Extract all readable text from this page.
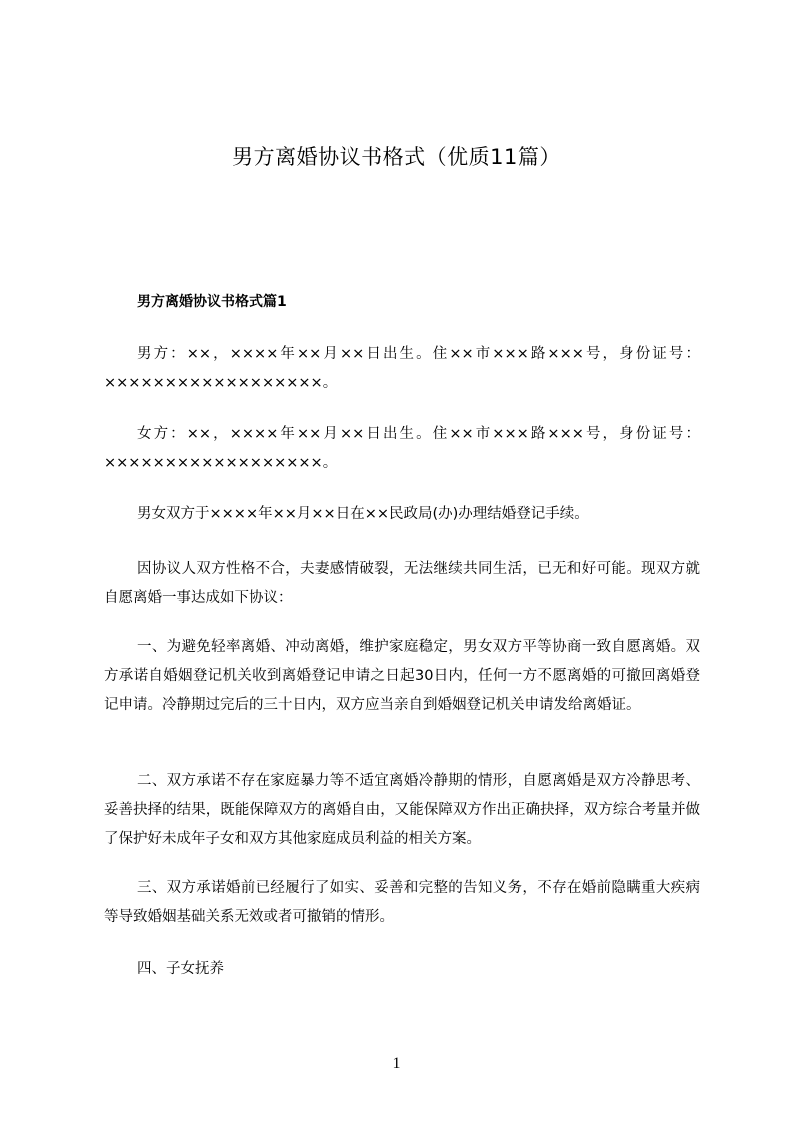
男方离婚协议书格式（优质11篇）
男方离婚协议书格式篇1

男方：××，××××年××月××日出生。住××市×××路×××号，身份证号：××××××××××××××××××。

女方：××，××××年××月××日出生。住××市×××路×××号，身份证号：××××××××××××××××××。

男女双方于××××年××月××日在××民政局(办)办理结婚登记手续。

因协议人双方性格不合，夫妻感情破裂，无法继续共同生活，已无和好可能。现双方就自愿离婚一事达成如下协议：

一、为避免轻率离婚、冲动离婚，维护家庭稳定，男女双方平等协商一致自愿离婚。双方承诺自婚姻登记机关收到离婚登记申请之日起30日内，任何一方不愿离婚的可撤回离婚登记申请。冷静期过完后的三十日内，双方应当亲自到婚姻登记机关申请发给离婚证。

二、双方承诺不存在家庭暴力等不适宜离婚冷静期的情形，自愿离婚是双方冷静思考、妥善抉择的结果，既能保障双方的离婚自由，又能保障双方作出正确抉择，双方综合考量并做了保护好未成年子女和双方其他家庭成员利益的相关方案。

三、双方承诺婚前已经履行了如实、妥善和完整的告知义务，不存在婚前隐瞒重大疾病等导致婚姻基础关系无效或者可撤销的情形。

四、子女抚养

1
